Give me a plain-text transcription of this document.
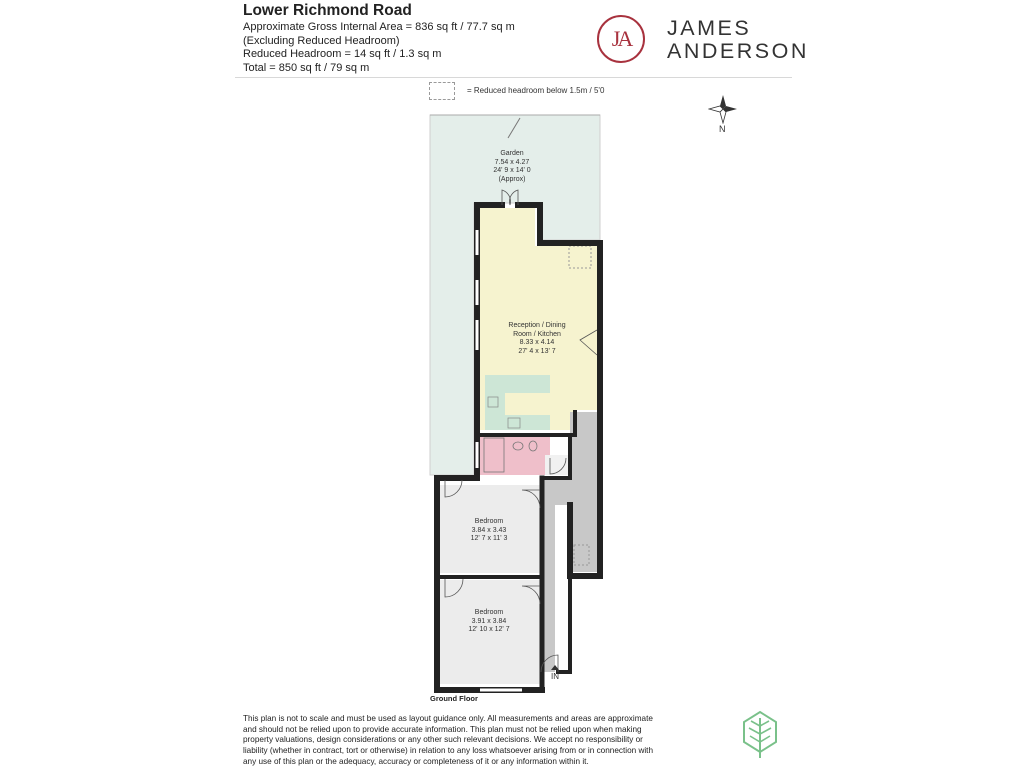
Lower Richmond Road
Approximate Gross Internal Area = 836 sq ft / 77.7 sq m
(Excluding Reduced Headroom)
Reduced Headroom = 14 sq ft / 1.3 sq m
Total = 850 sq ft / 79 sq m
JA	JAMES
ANDERSON
= Reduced headroom below 1.5m / 5'0
N
Garden
7.54 x 4.27
24' 9 x 14' 0
(Approx)
Reception / Dining
Room / Kitchen
8.33 x 4.14
27' 4 x 13' 7
Bedroom
3.84 x 3.43
12' 7 x 11' 3
Bedroom
3.91 x 3.84
12' 10 x 12' 7
Ground Floor
IN
This plan is not to scale and must be used as layout guidance only. All measurements and areas are approximate
and should not be relied upon to provide accurate information. This plan must not be relied upon when making
property valuations, design considerations or any other such relevant decisions. We accept no responsibility or
liability (whether in contract, tort or otherwise) in relation to any loss whatsoever arising from or in connection with
any use of this plan or the adequacy, accuracy or completeness of it or any information within it.
